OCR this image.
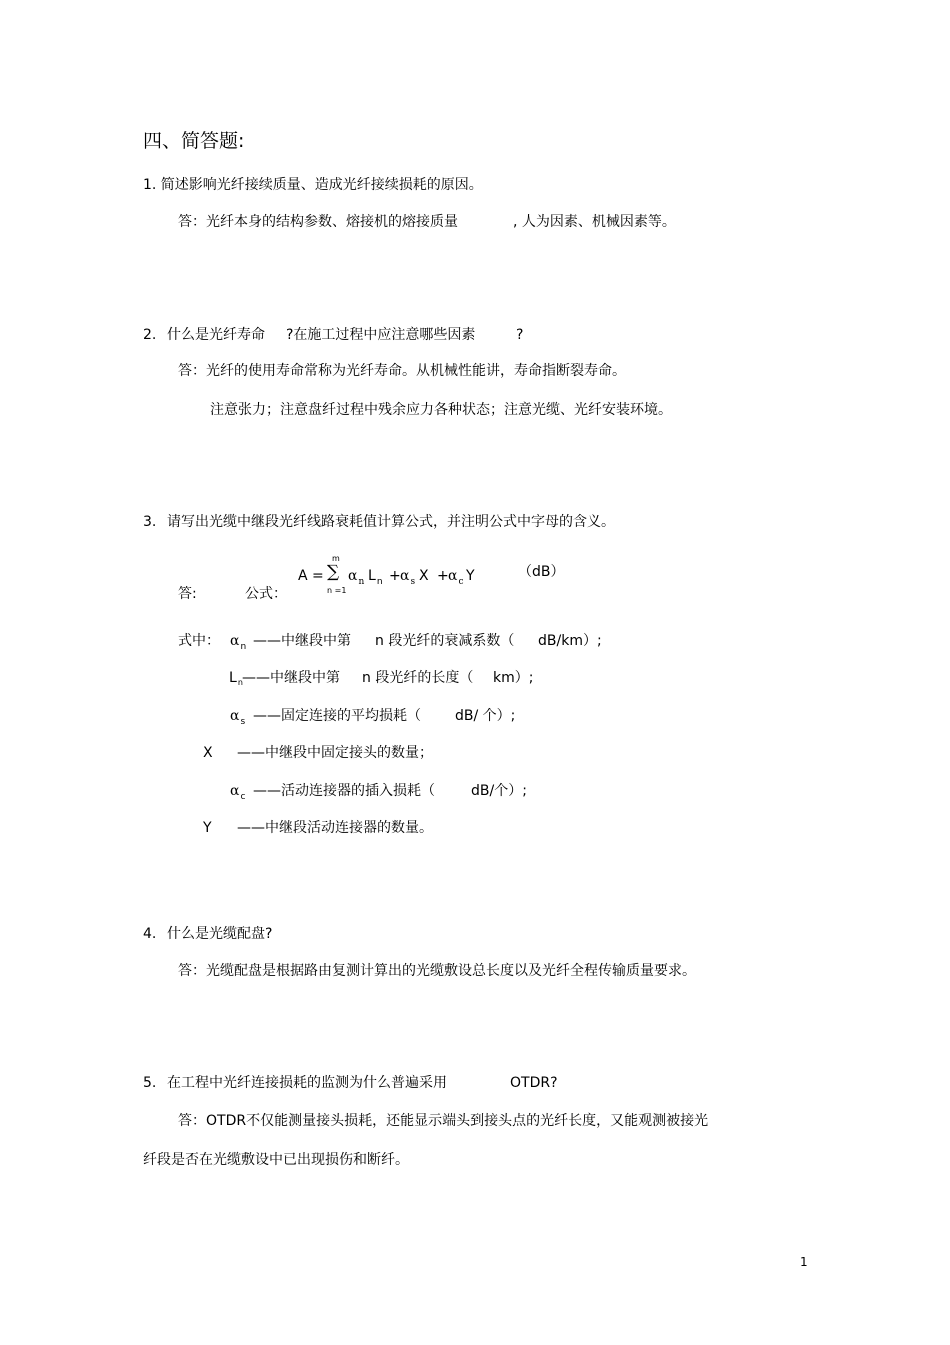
四、简答题:
1. 简述影响光纤接续质量、造成光纤接续损耗的原因。
答：光纤本身的结构参数、熔接机的熔接质量	, 人为因素、机械因素等。
2. 什么是光纤寿命 ?在施工过程中应注意哪些因素	?
答：光纤的使用寿命常称为光纤寿命。从机械性能讲，寿命指断裂寿命。
注意张力；注意盘纤过程中残余应力各种状态；注意光缆、光纤安装环境。
3. 请写出光缆中继段光纤线路衰耗值计算公式，并注明公式中字母的含义。
答:	公式：
A =
m
∑
n =1
$\alpha_n$ $L_n + \alpha_s$ $X + \alpha_c$ Y	（dB）
式中： $\alpha_n$ ——中继段中第 n 段光纤的衰减系数（ dB/km）;
$L_n$ ——中继段中第 n 段光纤的长度（ km）;
$\alpha_s$ ——固定连接的平均损耗（ dB/ 个）;
X ——中继段中固定接头的数量；
$\alpha_c$ ——活动连接器的插入损耗（	dB/个）;
Y ——中继段活动连接器的数量。
4. 什么是光缆配盘?
答：光缆配盘是根据路由复测计算出的光缆敷设总长度以及光纤全程传输质量要求。
5. 在工程中光纤连接损耗的监测为什么普遍采用	OTDR?
答：OTDR不仅能测量接头损耗，还能显示端头到接头点的光纤长度，又能观测被接光
纤段是否在光缆敷设中已出现损伤和断纤。
1
